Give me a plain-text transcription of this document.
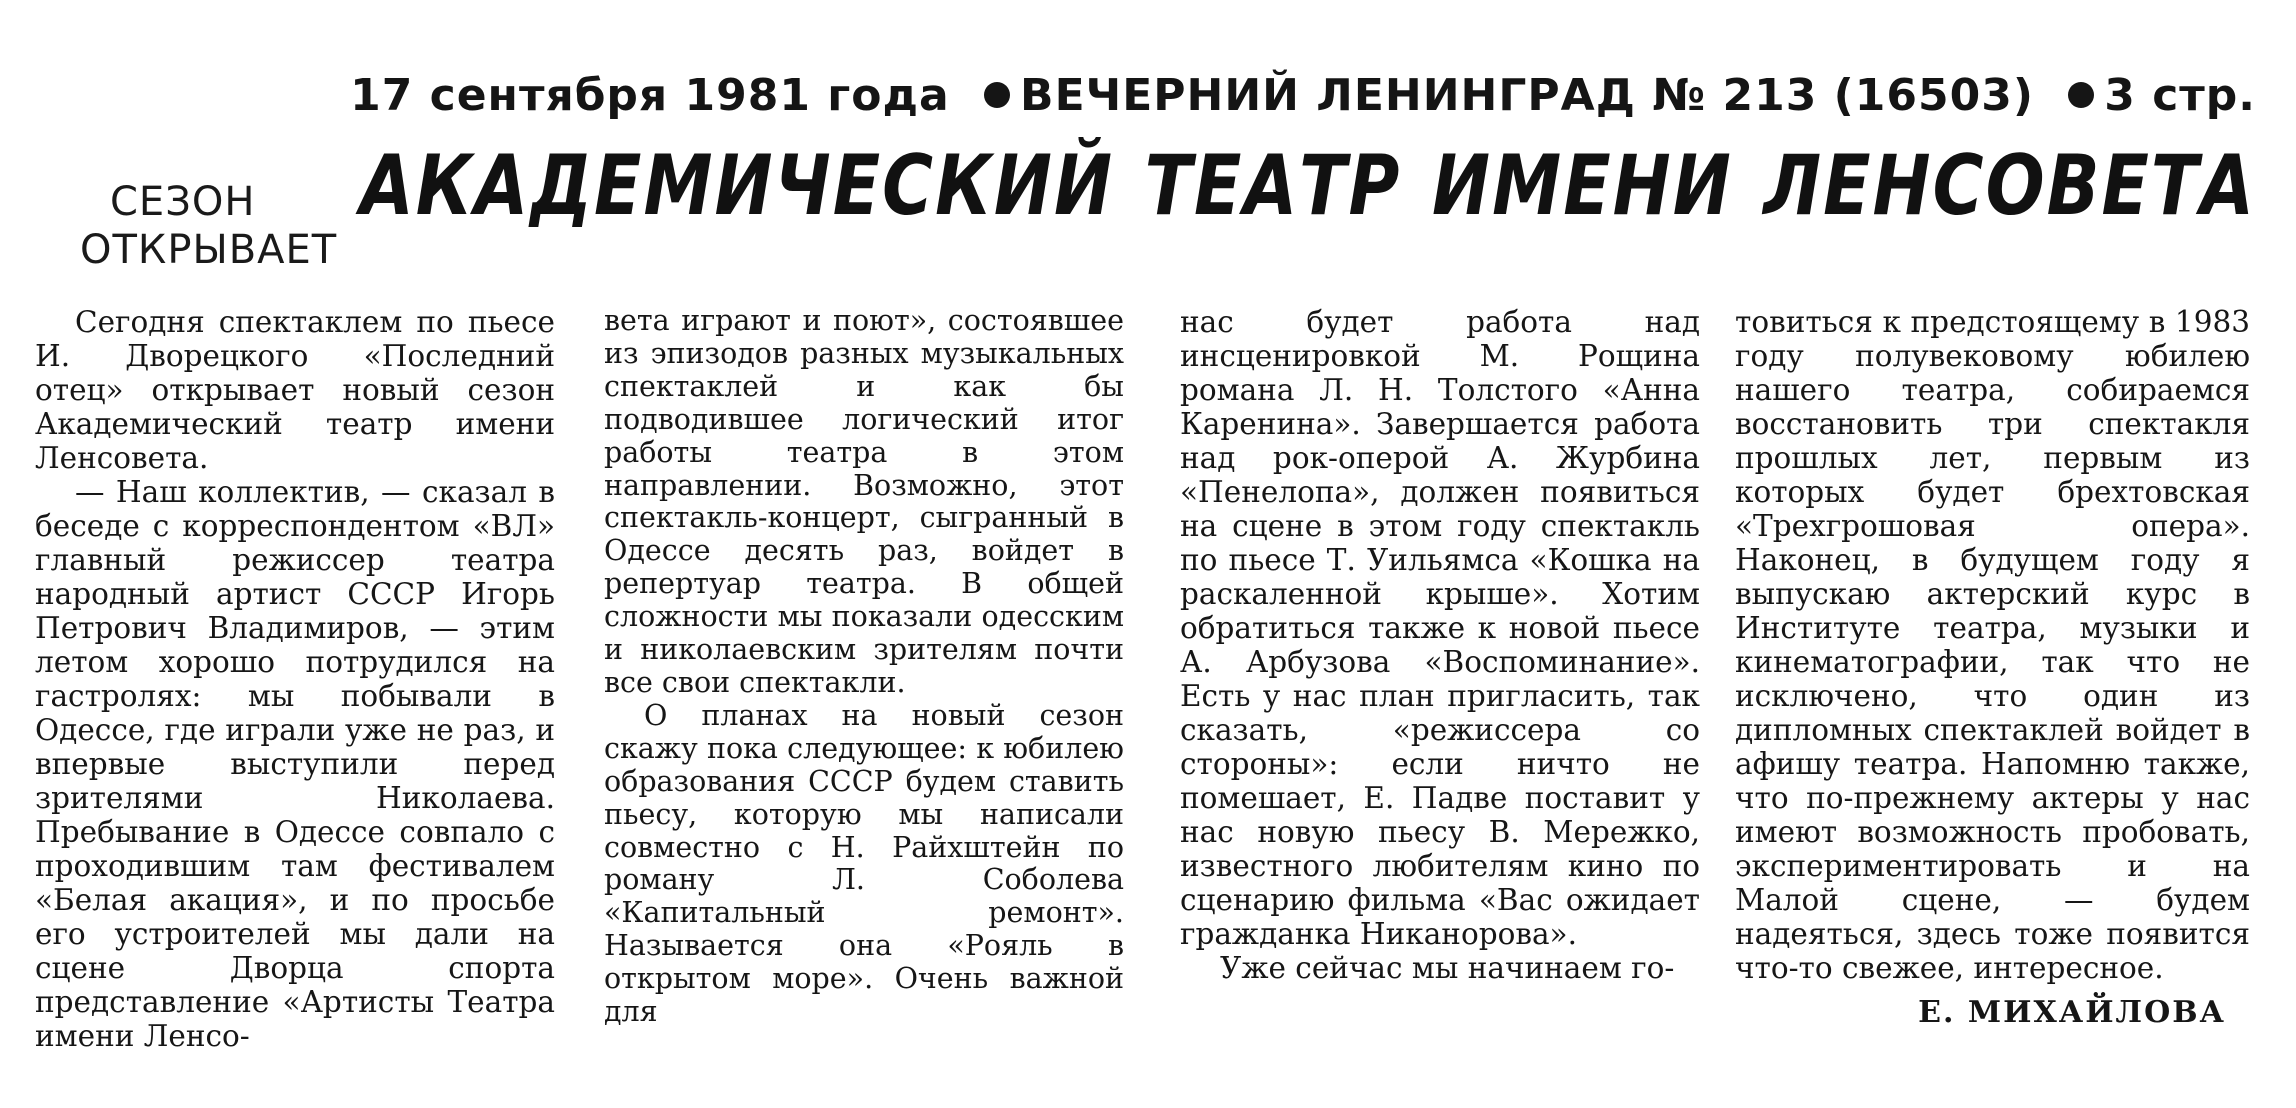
17 сентября 1981 года ВЕЧЕРНИЙ ЛЕНИНГРАД № 213 (16503) 3 стр.
СЕЗОН
ОТКРЫВАЕТ
АКАДЕМИЧЕСКИЙ ТЕАТР ИМЕНИ ЛЕНСОВЕТА

Сегодня спектаклем по пьесе И. Дворецкого «Последний отец» открывает новый сезон Академический театр имени Ленсовета.

— Наш коллектив, — сказал в беседе с корреспондентом «ВЛ» главный режиссер театра народный артист СССР Игорь Петрович Владимиров, — этим летом хорошо потрудился на гастролях: мы побывали в Одессе, где играли уже не раз, и впервые выступили перед зрителями Николаева. Пребывание в Одессе совпало с проходившим там фестивалем «Белая акация», и по просьбе его устроителей мы дали на сцене Дворца спорта представление «Артисты Театра имени Ленсо-

вета играют и поют», состоявшее из эпизодов разных музыкальных спектаклей и как бы подводившее логический итог работы театра в этом направлении. Возможно, этот спектакль-концерт, сыгранный в Одессе десять раз, войдет в репертуар театра. В общей сложности мы показали одесским и николаевским зрителям почти все свои спектакли.

О планах на новый сезон скажу пока следующее: к юбилею образования СССР будем ставить пьесу, которую мы написали совместно с Н. Райхштейн по роману Л. Соболева «Капитальный ремонт». Называется она «Рояль в открытом море». Очень важной для

нас будет работа над инсценировкой М. Рощина романа Л. Н. Толстого «Анна Каренина». Завершается работа над рок-оперой А. Журбина «Пенелопа», должен появиться на сцене в этом году спектакль по пьесе Т. Уильямса «Кошка на раскаленной крыше». Хотим обратиться также к новой пьесе А. Арбузова «Воспоминание». Есть у нас план пригласить, так сказать, «режиссера со стороны»: если ничто не помешает, Е. Падве поставит у нас новую пьесу В. Мережко, известного любителям кино по сценарию фильма «Вас ожидает гражданка Никанорова».

Уже сейчас мы начинаем го-

товиться к предстоящему в 1983 году полувековому юбилею нашего театра, собираемся восстановить три спектакля прошлых лет, первым из которых будет брехтовская «Трехгрошовая опера». Наконец, в будущем году я выпускаю актерский курс в Институте театра, музыки и кинематографии, так что не исключено, что один из дипломных спектаклей войдет в афишу театра. Напомню также, что по-прежнему актеры у нас имеют возможность пробовать, экспериментировать и на Малой сцене, — будем надеяться, здесь тоже появится что-то свежее, интересное.

Е. МИХАЙЛОВА
